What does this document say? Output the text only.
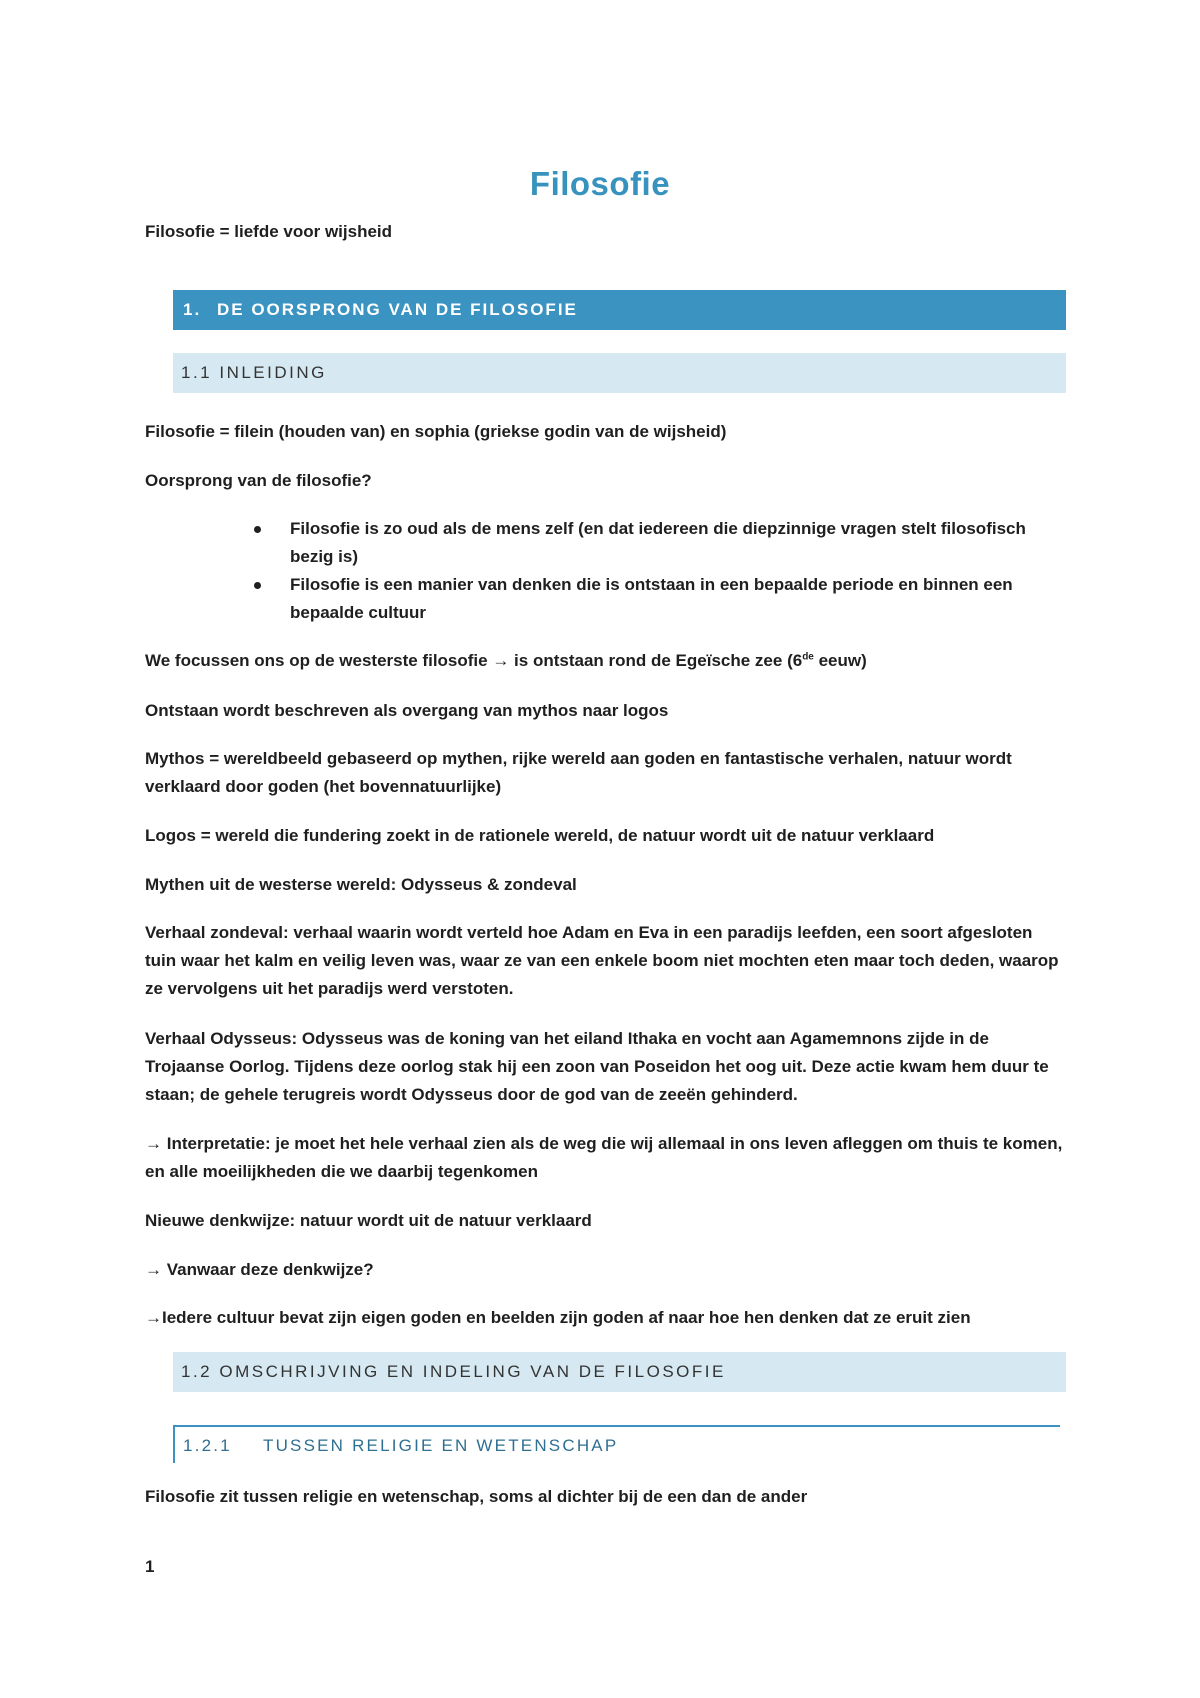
Filosofie
Filosofie = liefde voor wijsheid
1. DE OORSPRONG VAN DE FILOSOFIE
1.1 INLEIDING
Filosofie = filein (houden van) en sophia (griekse godin van de wijsheid)
Oorsprong van de filosofie?
Filosofie is zo oud als de mens zelf (en dat iedereen die diepzinnige vragen stelt filosofisch bezig is)
Filosofie is een manier van denken die is ontstaan in een bepaalde periode en binnen een bepaalde cultuur
We focussen ons op de westerste filosofie → is ontstaan rond de Egeïsche zee (6de eeuw)
Ontstaan wordt beschreven als overgang van mythos naar logos
Mythos = wereldbeeld gebaseerd op mythen, rijke wereld aan goden en fantastische verhalen, natuur wordt verklaard door goden (het bovennatuurlijke)
Logos = wereld die fundering zoekt in de rationele wereld, de natuur wordt uit de natuur verklaard
Mythen uit de westerse wereld: Odysseus & zondeval
Verhaal zondeval: verhaal waarin wordt verteld hoe Adam en Eva in een paradijs leefden, een soort afgesloten tuin waar het kalm en veilig leven was, waar ze van een enkele boom niet mochten eten maar toch deden, waarop ze vervolgens uit het paradijs werd verstoten.
Verhaal Odysseus: Odysseus was de koning van het eiland Ithaka en vocht aan Agamemnons zijde in de Trojaanse Oorlog. Tijdens deze oorlog stak hij een zoon van Poseidon het oog uit. Deze actie kwam hem duur te staan; de gehele terugreis wordt Odysseus door de god van de zeeën gehinderd.
→ Interpretatie: je moet het hele verhaal zien als de weg die wij allemaal in ons leven afleggen om thuis te komen, en alle moeilijkheden die we daarbij tegenkomen
Nieuwe denkwijze: natuur wordt uit de natuur verklaard
→ Vanwaar deze denkwijze?
→Iedere cultuur bevat zijn eigen goden en beelden zijn goden af naar hoe hen denken dat ze eruit zien
1.2 OMSCHRIJVING EN INDELING VAN DE FILOSOFIE
1.2.1 TUSSEN RELIGIE EN WETENSCHAP
Filosofie zit tussen religie en wetenschap, soms al dichter bij de een dan de ander
1
